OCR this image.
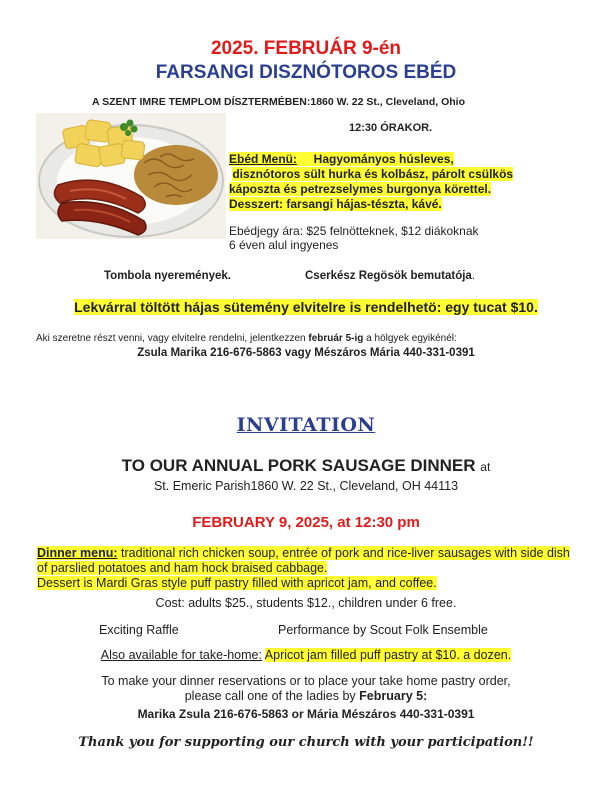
2025. FEBRUÁR 9-én
FARSANGI DISZNÓTOROS EBÉD
A SZENT IMRE TEMPLOM DÍSZTERMÉBEN:1860 W. 22 St., Cleveland, Ohio
12:30 ÓRAKOR.
Ebéd Menü: Hagyományos húsleves,
disznótoros sült hurka és kolbász, párolt csülkös
káposzta és petrezselymes burgonya körettel.
Desszert: farsangi hájas-tészta, kávé.
Ebédjegy ára: $25 felnötteknek, $12 diákoknak
6 éven alul ingyenes
Tombola nyeremények.	Cserkész Regösök bemutatója.
Lekvárral töltött hájas sütemény elvitelre is rendelhetö: egy tucat $10.
Aki szeretne részt venni, vagy elvitelre rendelni, jelentkezzen február 5-ig a hölgyek egyikénél:
Zsula Marika 216-676-5863 vagy Mészáros Mária 440-331-0391
INVITATION
TO OUR ANNUAL PORK SAUSAGE DINNER at
St. Emeric Parish1860 W. 22 St., Cleveland, OH 44113
FEBRUARY 9, 2025, at 12:30 pm
Dinner menu: traditional rich chicken soup, entrée of pork and rice-liver sausages with side dish of parslied potatoes and ham hock braised cabbage.
Dessert is Mardi Gras style puff pastry filled with apricot jam, and coffee.
Cost: adults $25., students $12., children under 6 free.
Exciting Raffle	Performance by Scout Folk Ensemble
Also available for take-home: Apricot jam filled puff pastry at $10. a dozen.
To make your dinner reservations or to place your take home pastry order,
please call one of the ladies by February 5:
Marika Zsula 216-676-5863 or Mária Mészáros 440-331-0391
Thank you for supporting our church with your participation!!
